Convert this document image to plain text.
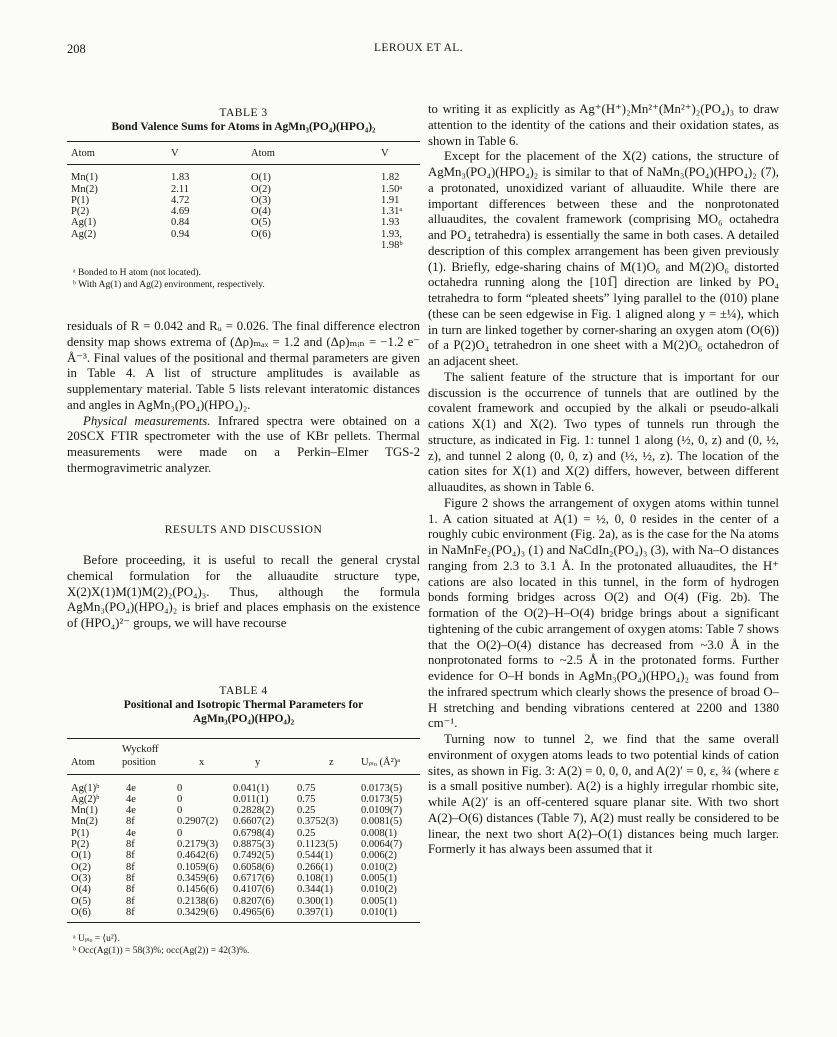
208	LEROUX ET AL.
TABLE 3
Bond Valence Sums for Atoms in AgMn₃(PO₄)(HPO₄)₂
Atom	V	Atom	V
Mn(1)	1.83	O(1)	1.82
Mn(2)	2.11	O(2)	1.50ᵃ
P(1)	4.72	O(3)	1.91
P(2)	4.69	O(4)	1.31ᵃ
Ag(1)	0.84	O(5)	1.93
Ag(2)	0.94	O(6)	1.93, 1.98ᵇ
ᵃ Bonded to H atom (not located).
ᵇ With Ag(1) and Ag(2) environment, respectively.

residuals of R = 0.042 and Rᵤ = 0.026. The final difference electron density map shows extrema of (Δρ)ₘₐₓ = 1.2 and (Δρ)ₘᵢₙ = −1.2 e⁻ Å⁻³. Final values of the positional and thermal parameters are given in Table 4. A list of structure amplitudes is available as supplementary material. Table 5 lists relevant interatomic distances and angles in AgMn₃(PO₄)(HPO₄)₂.

Physical measurements. Infrared spectra were obtained on a 20SCX FTIR spectrometer with the use of KBr pellets. Thermal measurements were made on a Perkin–Elmer TGS-2 thermogravimetric analyzer.

RESULTS AND DISCUSSION

Before proceeding, it is useful to recall the general crystal chemical formulation for the alluaudite structure type, X(2)X(1)M(1)M(2)₂(PO₄)₃. Thus, although the formula AgMn₃(PO₄)(HPO₄)₂ is brief and places emphasis on the existence of (HPO₄)²⁻ groups, we will have recourse

TABLE 4
Positional and Isotropic Thermal Parameters for AgMn₃(PO₄)(HPO₄)₂
	Wyckoff				
Atom	position	x	y	z	Uᵢₛₒ (Å²)ᵃ
Ag(1)ᵇ	4e	0	0.041(1)	0.75	0.0173(5)
Ag(2)ᵇ	4e	0	0.011(1)	0.75	0.0173(5)
Mn(1)	4e	0	0.2828(2)	0.25	0.0109(7)
Mn(2)	8f	0.2907(2)	0.6607(2)	0.3752(3)	0.0081(5)
P(1)	4e	0	0.6798(4)	0.25	0.008(1)
P(2)	8f	0.2179(3)	0.8875(3)	0.1123(5)	0.0064(7)
O(1)	8f	0.4642(6)	0.7492(5)	0.544(1)	0.006(2)
O(2)	8f	0.1059(6)	0.6058(6)	0.266(1)	0.010(2)
O(3)	8f	0.3459(6)	0.6717(6)	0.108(1)	0.005(1)
O(4)	8f	0.1456(6)	0.4107(6)	0.344(1)	0.010(2)
O(5)	8f	0.2138(6)	0.8207(6)	0.300(1)	0.005(1)
O(6)	8f	0.3429(6)	0.4965(6)	0.397(1)	0.010(1)
ᵃ Uᵢₛₒ = ⟨u²⟩.
ᵇ Occ(Ag(1)) = 58(3)%; occ(Ag(2)) = 42(3)%.

to writing it as explicitly as Ag⁺(H⁺)₂Mn²⁺(Mn²⁺)₂(PO₄)₃ to draw attention to the identity of the cations and their oxidation states, as shown in Table 6.

Except for the placement of the X(2) cations, the structure of AgMn₃(PO₄)(HPO₄)₂ is similar to that of NaMn₃(PO₄)(HPO₄)₂ (7), a protonated, unoxidized variant of alluaudite. While there are important differences between these and the nonprotonated alluaudites, the covalent framework (comprising MO₆ octahedra and PO₄ tetrahedra) is essentially the same in both cases. A detailed description of this complex arrangement has been given previously (1). Briefly, edge-sharing chains of M(1)O₆ and M(2)O₆ distorted octahedra running along the [101̅] direction are linked by PO₄ tetrahedra to form “pleated sheets” lying parallel to the (010) plane (these can be seen edgewise in Fig. 1 aligned along y = ±¼), which in turn are linked together by corner-sharing an oxygen atom (O(6)) of a P(2)O₄ tetrahedron in one sheet with a M(2)O₆ octahedron of an adjacent sheet.

The salient feature of the structure that is important for our discussion is the occurrence of tunnels that are outlined by the covalent framework and occupied by the alkali or pseudo-alkali cations X(1) and X(2). Two types of tunnels run through the structure, as indicated in Fig. 1: tunnel 1 along (½, 0, z) and (0, ½, z), and tunnel 2 along (0, 0, z) and (½, ½, z). The location of the cation sites for X(1) and X(2) differs, however, between different alluaudites, as shown in Table 6.

Figure 2 shows the arrangement of oxygen atoms within tunnel 1. A cation situated at A(1) = ½, 0, 0 resides in the center of a roughly cubic environment (Fig. 2a), as is the case for the Na atoms in NaMnFe₂(PO₄)₃ (1) and NaCdIn₂(PO₄)₃ (3), with Na–O distances ranging from 2.3 to 3.1 Å. In the protonated alluaudites, the H⁺ cations are also located in this tunnel, in the form of hydrogen bonds forming bridges across O(2) and O(4) (Fig. 2b). The formation of the O(2)–H–O(4) bridge brings about a significant tightening of the cubic arrangement of oxygen atoms: Table 7 shows that the O(2)–O(4) distance has decreased from ~3.0 Å in the nonprotonated forms to ~2.5 Å in the protonated forms. Further evidence for O–H bonds in AgMn₃(PO₄)(HPO₄)₂ was found from the infrared spectrum which clearly shows the presence of broad O–H stretching and bending vibrations centered at 2200 and 1380 cm⁻¹.

Turning now to tunnel 2, we find that the same overall environment of oxygen atoms leads to two potential kinds of cation sites, as shown in Fig. 3: A(2) = 0, 0, 0, and A(2)′ = 0, ε, ¾ (where ε is a small positive number). A(2) is a highly irregular rhombic site, while A(2)′ is an off-centered square planar site. With two short A(2)–O(6) distances (Table 7), A(2) must really be considered to be linear, the next two short A(2)–O(1) distances being much larger. Formerly it has always been assumed that it
